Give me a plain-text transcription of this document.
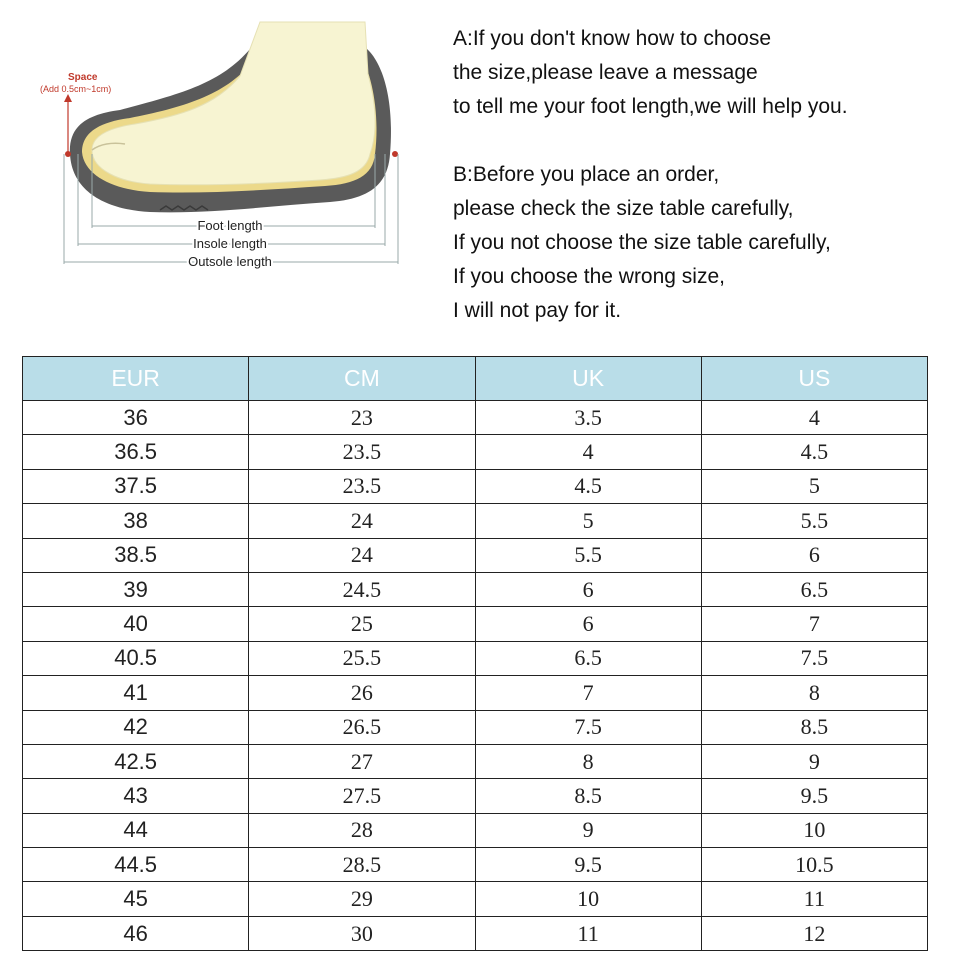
Space
(Add 0.5cm~1cm)
Foot length
Insole length
Outsole length

A:If you don't know how to choose

the size,please leave a message

to tell me your foot length,we will help you.

B:Before you place an order,

please check the size table carefully,

If you not choose the size table carefully,

If you choose the wrong size,

I will not pay for it.

EUR	CM	UK	US
36	23	3.5	4
36.5	23.5	4	4.5
37.5	23.5	4.5	5
38	24	5	5.5
38.5	24	5.5	6
39	24.5	6	6.5
40	25	6	7
40.5	25.5	6.5	7.5
41	26	7	8
42	26.5	7.5	8.5
42.5	27	8	9
43	27.5	8.5	9.5
44	28	9	10
44.5	28.5	9.5	10.5
45	29	10	11
46	30	11	12
